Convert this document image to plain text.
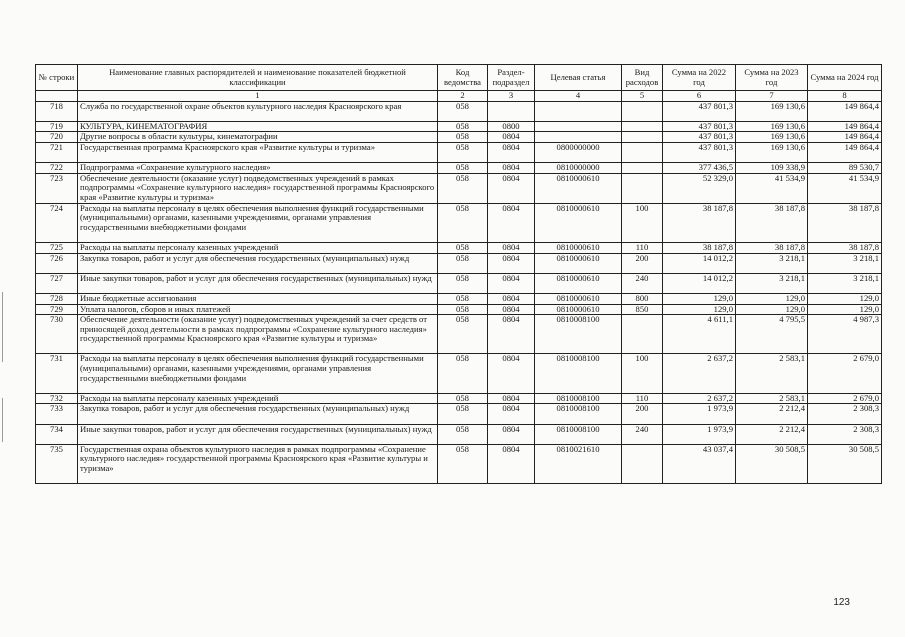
№ строки	Наименование главных распорядителей и наименование показателей бюджетной классификации	Код ведомства	Раздел-подраздел	Целевая статья	Вид расходов	Сумма на 2022 год	Сумма на 2023 год	Сумма на 2024 год
	1	2	3	4	5	6	7	8
718	Служба по государственной охране объектов культурного наследия Красноярского края	058				437 801,3	169 130,6	149 864,4
719	КУЛЬТУРА, КИНЕМАТОГРАФИЯ	058	0800			437 801,3	169 130,6	149 864,4
720	Другие вопросы в области культуры, кинематографии	058	0804			437 801,3	169 130,6	149 864,4
721	Государственная программа Красноярского края «Развитие культуры и туризма»	058	0804	0800000000		437 801,3	169 130,6	149 864,4
722	Подпрограмма «Сохранение культурного наследия»	058	0804	0810000000		377 436,5	109 338,9	89 530,7
723	Обеспечение деятельности (оказание услуг) подведомственных учреждений в рамках подпрограммы «Сохранение культурного наследия» государственной программы Красноярского края «Развитие культуры и туризма»	058	0804	0810000610		52 329,0	41 534,9	41 534,9
724	Расходы на выплаты персоналу в целях обеспечения выполнения функций государственными (муниципальными) органами, казенными учреждениями, органами управления государственными внебюджетными фондами	058	0804	0810000610	100	38 187,8	38 187,8	38 187,8
725	Расходы на выплаты персоналу казенных учреждений	058	0804	0810000610	110	38 187,8	38 187,8	38 187,8
726	Закупка товаров, работ и услуг для обеспечения государственных (муниципальных) нужд	058	0804	0810000610	200	14 012,2	3 218,1	3 218,1
727	Иные закупки товаров, работ и услуг для обеспечения государственных (муниципальных) нужд	058	0804	0810000610	240	14 012,2	3 218,1	3 218,1
728	Иные бюджетные ассигнования	058	0804	0810000610	800	129,0	129,0	129,0
729	Уплата налогов, сборов и иных платежей	058	0804	0810000610	850	129,0	129,0	129,0
730	Обеспечение деятельности (оказание услуг) подведомственных учреждений за счет средств от приносящей доход деятельности в рамках подпрограммы «Сохранение культурного наследия» государственной программы Красноярского края «Развитие культуры и туризма»	058	0804	0810008100		4 611,1	4 795,5	4 987,3
731	Расходы на выплаты персоналу в целях обеспечения выполнения функций государственными (муниципальными) органами, казенными учреждениями, органами управления государственными внебюджетными фондами	058	0804	0810008100	100	2 637,2	2 583,1	2 679,0
732	Расходы на выплаты персоналу казенных учреждений	058	0804	0810008100	110	2 637,2	2 583,1	2 679,0
733	Закупка товаров, работ и услуг для обеспечения государственных (муниципальных) нужд	058	0804	0810008100	200	1 973,9	2 212,4	2 308,3
734	Иные закупки товаров, работ и услуг для обеспечения государственных (муниципальных) нужд	058	0804	0810008100	240	1 973,9	2 212,4	2 308,3
735	Государственная охрана объектов культурного наследия в рамках подпрограммы «Сохранение культурного наследия» государственной программы Красноярского края «Развитие культуры и туризма»	058	0804	0810021610		43 037,4	30 508,5	30 508,5
123
